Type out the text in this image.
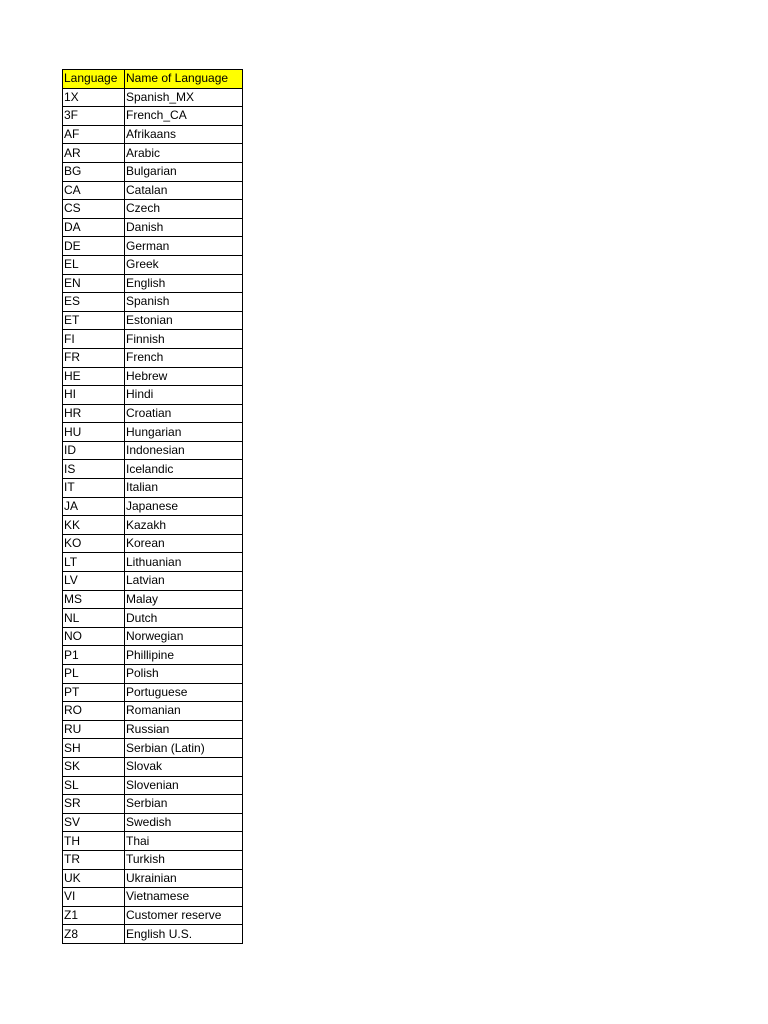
Language	Name of Language
1X	Spanish_MX
3F	French_CA
AF	Afrikaans
AR	Arabic
BG	Bulgarian
CA	Catalan
CS	Czech
DA	Danish
DE	German
EL	Greek
EN	English
ES	Spanish
ET	Estonian
FI	Finnish
FR	French
HE	Hebrew
HI	Hindi
HR	Croatian
HU	Hungarian
ID	Indonesian
IS	Icelandic
IT	Italian
JA	Japanese
KK	Kazakh
KO	Korean
LT	Lithuanian
LV	Latvian
MS	Malay
NL	Dutch
NO	Norwegian
P1	Phillipine
PL	Polish
PT	Portuguese
RO	Romanian
RU	Russian
SH	Serbian (Latin)
SK	Slovak
SL	Slovenian
SR	Serbian
SV	Swedish
TH	Thai
TR	Turkish
UK	Ukrainian
VI	Vietnamese
Z1	Customer reserve
Z8	English U.S.
